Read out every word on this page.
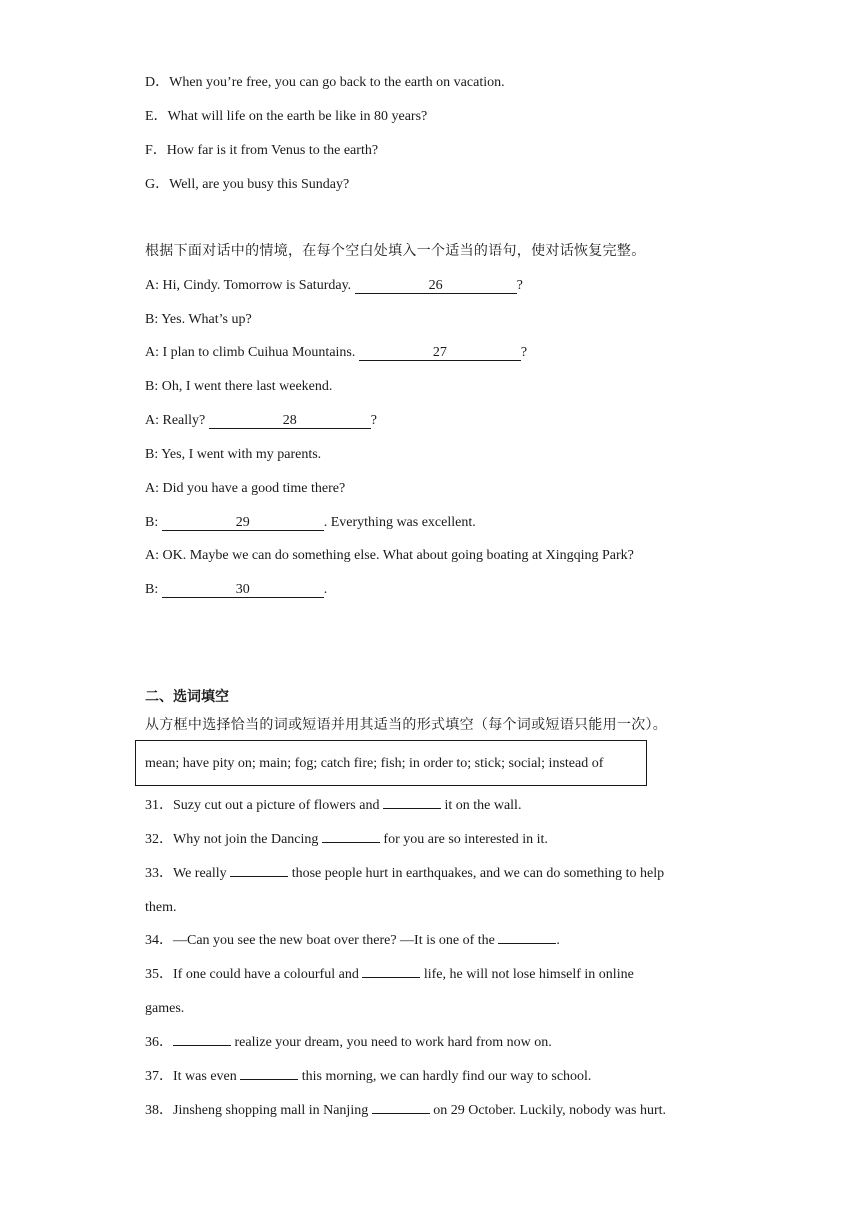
D．When you’re free, you can go back to the earth on vacation.
E．What will life on the earth be like in 80 years?
F．How far is it from Venus to the earth?
G．Well, are you busy this Sunday?
根据下面对话中的情境，在每个空白处填入一个适当的语句，使对话恢复完整。
A: Hi, Cindy. Tomorrow is Saturday.	26	?
B: Yes. What’s up?
A: I plan to climb Cuihua Mountains.	27	?
B: Oh, I went there last weekend.
A: Really?	28	?
B: Yes, I went with my parents.
A: Did you have a good time there?
B:	29	. Everything was excellent.
A: OK. Maybe we can do something else. What about going boating at Xingqing Park?
B:	30	.
二、选词填空
从方框中选择恰当的词或短语并用其适当的形式填空（每个词或短语只能用一次）。
mean; have pity on; main; fog; catch fire; fish; in order to; stick; social; instead of
31．Suzy cut out a picture of flowers and	it on the wall.
32．Why not join the Dancing	for you are so interested in it.
33．We really	those people hurt in earthquakes, and we can do something to help
them.
34．—Can you see the new boat over there? —It is one of the	.
35．If one could have a colourful and	life, he will not lose himself in online
games.
36．	realize your dream, you need to work hard from now on.
37．It was even	this morning, we can hardly find our way to school.
38．Jinsheng shopping mall in Nanjing	on 29 October. Luckily, nobody was hurt.
